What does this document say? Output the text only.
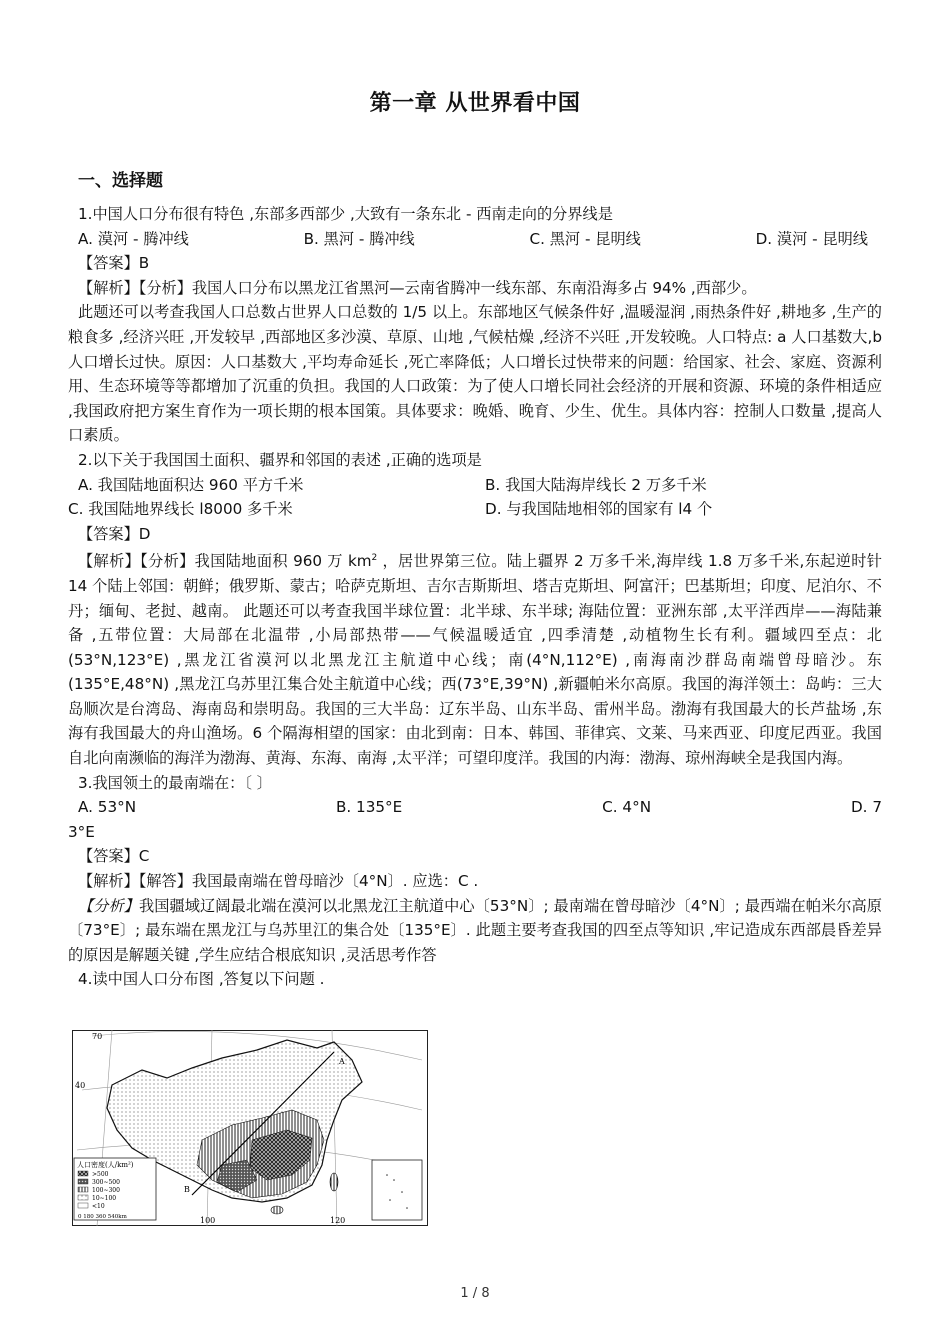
第一章 从世界看中国
一、选择题

1.中国人口分布很有特色 ,东部多西部少 ,大致有一条东北 - 西南走向的分界线是

A. 漠河 - 腾冲线	B. 黑河 - 腾冲线	C. 黑河 - 昆明线	D. 漠河 - 昆明线

【答案】B

【解析】【分析】我国人口分布以黑龙江省黑河—云南省腾冲一线东部、东南沿海多占 94% ,西部少。

此题还可以考查我国人口总数占世界人口总数的 1/5 以上。东部地区气候条件好 ,温暖湿润 ,雨热条件好 ,耕地多 ,生产的粮食多 ,经济兴旺 ,开发较早 ,西部地区多沙漠、草原、山地 ,气候枯燥 ,经济不兴旺 ,开发较晚。人口特点: a 人口基数大,b 人口增长过快。原因：人口基数大 ,平均寿命延长 ,死亡率降低；人口增长过快带来的问题：给国家、社会、家庭、资源利用、生态环境等等都增加了沉重的负担。我国的人口政策：为了使人口增长同社会经济的开展和资源、环境的条件相适应 ,我国政府把方案生育作为一项长期的根本国策。具体要求：晚婚、晚育、少生、优生。具体内容：控制人口数量 ,提高人口素质。

2.以下关于我国国土面积、疆界和邻国的表述 ,正确的选项是

A. 我国陆地面积达 960 平方千米	B. 我国大陆海岸线长 2 万多千米
C. 我国陆地界线长 l8000 多千米	D. 与我国陆地相邻的国家有 l4 个

【答案】D

【解析】【分析】我国陆地面积 960 万 $km^2$ ，居世界第三位。陆上疆界 2 万多千米,海岸线 1.8 万多千米,东起逆时针 14 个陆上邻国：朝鲜；俄罗斯、蒙古；哈萨克斯坦、吉尔吉斯斯坦、塔吉克斯坦、阿富汗；巴基斯坦；印度、尼泊尔、不丹；缅甸、老挝、越南。 此题还可以考查我国半球位置：北半球、东半球; 海陆位置：亚洲东部 ,太平洋西岸——海陆兼备 ,五带位置：大局部在北温带 ,小局部热带——气候温暖适宜 ,四季清楚 ,动植物生长有利。疆域四至点：北(53°N,123°E) ,黑龙江省漠河以北黑龙江主航道中心线；南(4°N,112°E) ,南海南沙群岛南端曾母暗沙。东(135°E,48°N) ,黑龙江乌苏里江集合处主航道中心线；西(73°E,39°N) ,新疆帕米尔高原。我国的海洋领土：岛屿：三大岛顺次是台湾岛、海南岛和崇明岛。我国的三大半岛：辽东半岛、山东半岛、雷州半岛。渤海有我国最大的长芦盐场 ,东海有我国最大的舟山渔场。6 个隔海相望的国家：由北到南：日本、韩国、菲律宾、文莱、马来西亚、印度尼西亚。我国自北向南濒临的海洋为渤海、黄海、东海、南海 ,太平洋；可望印度洋。我国的内海：渤海、琼州海峡全是我国内海。

3.我国领土的最南端在：〔 〕

A. 53°N	B. 135°E	C. 4°N	D. 7

3°E

【答案】C

【解析】【解答】我国最南端在曾母暗沙〔4°N〕. 应选：C .

【分析】我国疆域辽阔最北端在漠河以北黑龙江主航道中心〔53°N〕; 最南端在曾母暗沙〔4°N〕; 最西端在帕米尔高原〔73°E〕; 最东端在黑龙江与乌苏里江的集合处〔135°E〕. 此题主要考查我国的四至点等知识 ,牢记造成东西部晨昏差异的原因是解题关键 ,学生应结合根底知识 ,灵活思考作答

4.读中国人口分布图 ,答复以下问题 .

人口密度(人/km²)
>500
300~500
100~300
10~100
<10
0 180 360 540km
70
100	120
40
A
B
1 / 8
